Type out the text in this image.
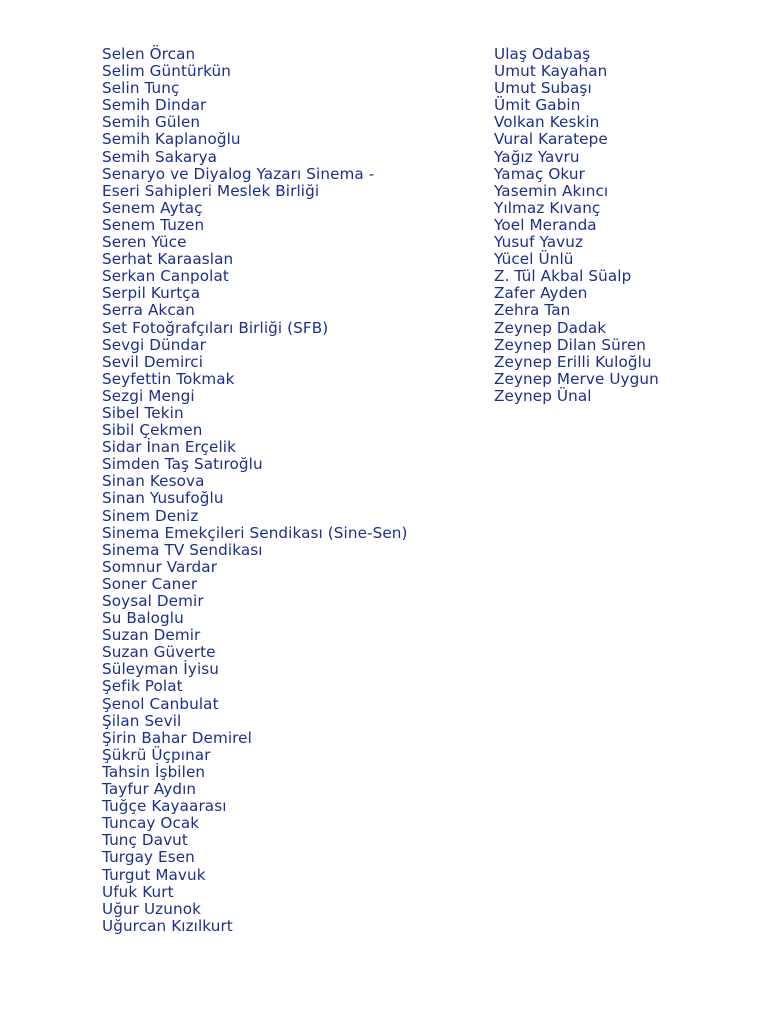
Selen Örcan
Selim Güntürkün
Selin Tunç
Semih Dindar
Semih Gülen
Semih Kaplanoğlu
Semih Sakarya
Senaryo ve Diyalog Yazarı Sinema -
Eseri Sahipleri Meslek Birliği
Senem Aytaç
Senem Tuzen
Seren Yüce
Serhat Karaaslan
Serkan Canpolat
Serpil Kurtça
Serra Akcan
Set Fotoğrafçıları Birliği (SFB)
Sevgi Dündar
Sevil Demirci
Seyfettin Tokmak
Sezgi Mengi
Sibel Tekin
Sibil Çekmen
Sidar İnan Erçelik
Simden Taş Satıroğlu
Sinan Kesova
Sinan Yusufoğlu
Sinem Deniz
Sinema Emekçileri Sendikası (Sine-Sen)
Sinema TV Sendikası
Somnur Vardar
Soner Caner
Soysal Demir
Su Baloglu
Suzan Demir
Suzan Güverte
Süleyman İyisu
Şefik Polat
Şenol Canbulat
Şilan Sevil
Şirin Bahar Demirel
Şükrü Üçpınar
Tahsin İşbilen
Tayfur Aydın
Tuğçe Kayaarası
Tuncay Ocak
Tunç Davut
Turgay Esen
Turgut Mavuk
Ufuk Kurt
Uğur Uzunok
Uğurcan Kızılkurt
Ulaş Odabaş
Umut Kayahan
Umut Subaşı
Ümit Gabin
Volkan Keskin
Vural Karatepe
Yağız Yavru
Yamaç Okur
Yasemin Akıncı
Yılmaz Kıvanç
Yoel Meranda
Yusuf Yavuz
Yücel Ünlü
Z. Tül Akbal Süalp
Zafer Ayden
Zehra Tan
Zeynep Dadak
Zeynep Dilan Süren
Zeynep Erilli Kuloğlu
Zeynep Merve Uygun
Zeynep Ünal
